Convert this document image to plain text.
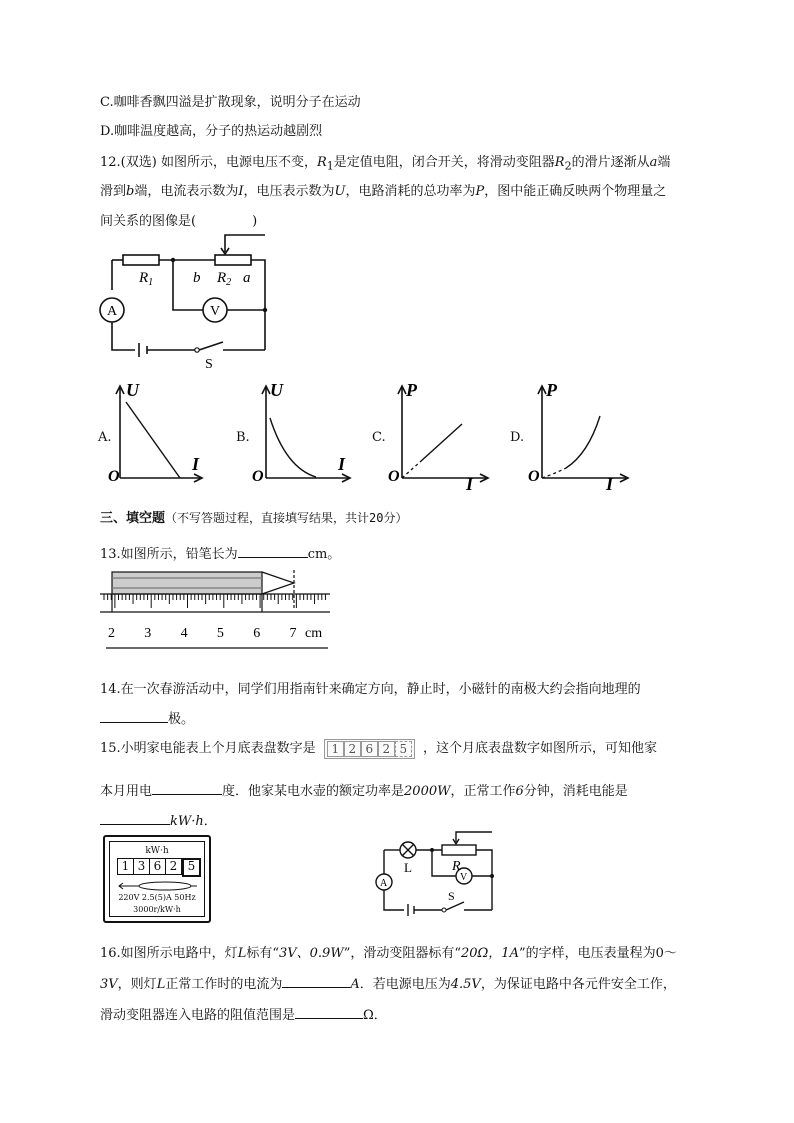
C.咖啡香飘四溢是扩散现象，说明分子在运动
D.咖啡温度越高，分子的热运动越剧烈
12.(双选) 如图所示，电源电压不变，$R_1$是定值电阻，闭合开关，将滑动变阻器$R_2$的滑片逐渐从a端
滑到b端，电流表示数为I，电压表示数为U，电路消耗的总功率为P，图中能正确反映两个物理量之
间关系的图像是(	)
$R_1$	b $R_2$ a
A	V
S
A.
U
O
I
B.
U
O
I
C.
P
O	I
D.
P
O	I
三、填空题（不写答题过程，直接填写结果，共计20分）
13.如图所示，铅笔长为	cm。
2 3 4 5 6 7 cm
14.在一次春游活动中，同学们用指南针来确定方向，静止时，小磁针的南极大约会指向地理的
极。
15.小明家电能表上个月底表盘数字是 1 2 6 2 5 ，这个月底表盘数字如图所示，可知他家
本月用电	度．他家某电水壶的额定功率是2000W，正常工作6分钟，消耗电能是
kW·h．
kW·h
1 3 6 2 5
220V 2.5(5)A 50Hz
3000r/kW·h
L	R
A
V
S
16.如图所示电路中，灯L标有“3V、0.9W”，滑动变阻器标有“20Ω，1A”的字样，电压表量程为0～
3V，则灯L正常工作时的电流为	A．若电源电压为4.5V，为保证电路中各元件安全工作，
滑动变阻器连入电路的阻值范围是	Ω．
